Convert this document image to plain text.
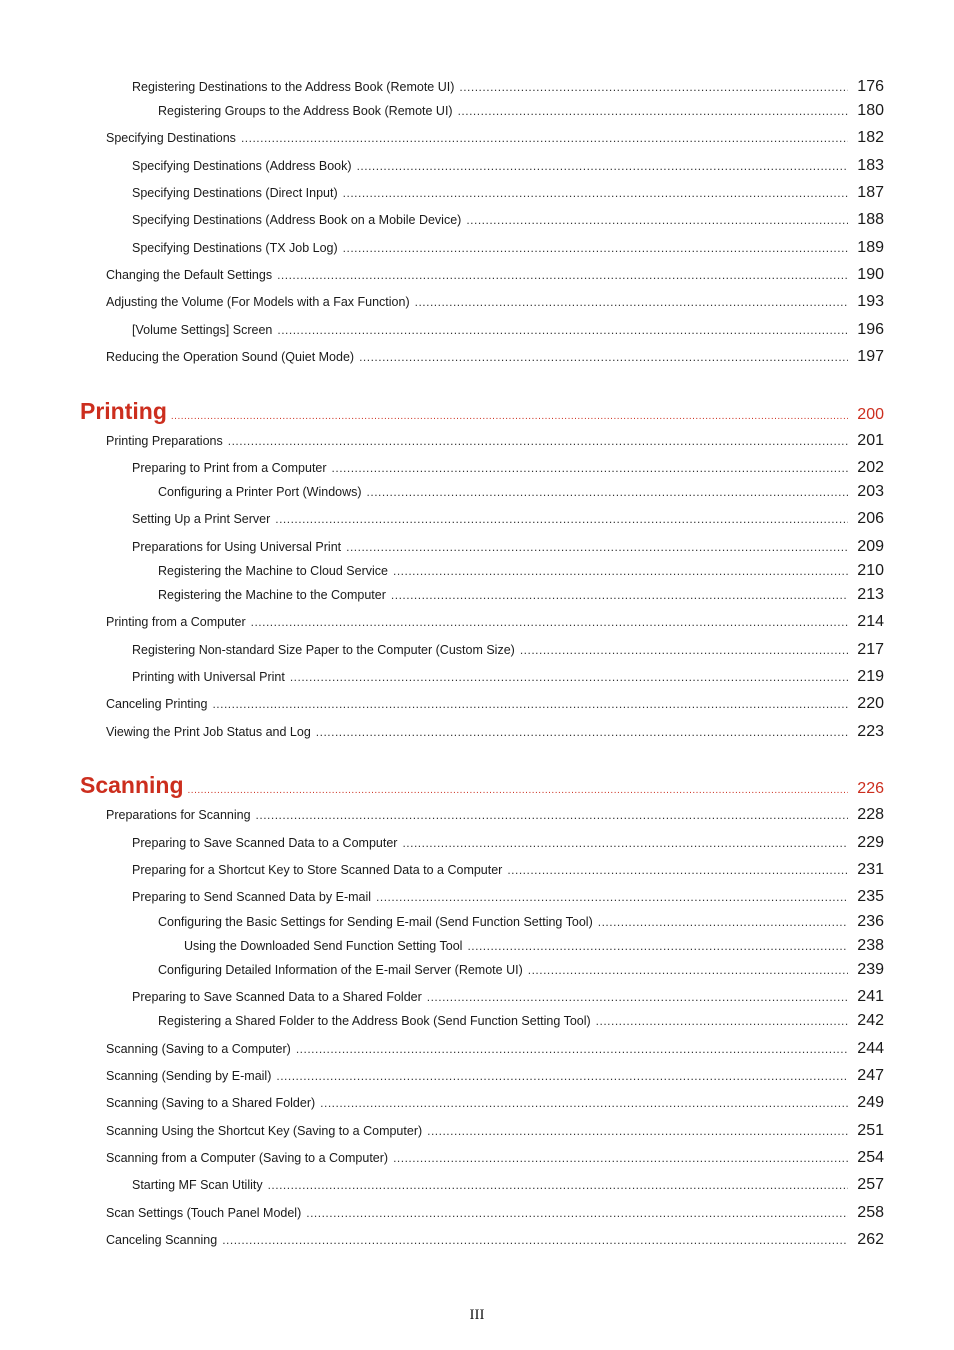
Registering Destinations to the Address Book (Remote UI) .....	176
Registering Groups to the Address Book (Remote UI) .....	180
Specifying Destinations .....	182
Specifying Destinations (Address Book) .....	183
Specifying Destinations (Direct Input) .....	187
Specifying Destinations (Address Book on a Mobile Device) .....	188
Specifying Destinations (TX Job Log) .....	189
Changing the Default Settings .....	190
Adjusting the Volume (For Models with a Fax Function) .....	193
[Volume Settings] Screen .....	196
Reducing the Operation Sound (Quiet Mode) .....	197
Printing .....	200
Printing Preparations .....	201
Preparing to Print from a Computer .....	202
Configuring a Printer Port (Windows) .....	203
Setting Up a Print Server .....	206
Preparations for Using Universal Print .....	209
Registering the Machine to Cloud Service .....	210
Registering the Machine to the Computer .....	213
Printing from a Computer .....	214
Registering Non-standard Size Paper to the Computer (Custom Size) .....	217
Printing with Universal Print .....	219
Canceling Printing .....	220
Viewing the Print Job Status and Log .....	223
Scanning .....	226
Preparations for Scanning .....	228
Preparing to Save Scanned Data to a Computer .....	229
Preparing for a Shortcut Key to Store Scanned Data to a Computer .....	231
Preparing to Send Scanned Data by E-mail .....	235
Configuring the Basic Settings for Sending E-mail (Send Function Setting Tool) .....	236
Using the Downloaded Send Function Setting Tool .....	238
Configuring Detailed Information of the E-mail Server (Remote UI) .....	239
Preparing to Save Scanned Data to a Shared Folder .....	241
Registering a Shared Folder to the Address Book (Send Function Setting Tool) .....	242
Scanning (Saving to a Computer) .....	244
Scanning (Sending by E-mail) .....	247
Scanning (Saving to a Shared Folder) .....	249
Scanning Using the Shortcut Key (Saving to a Computer) .....	251
Scanning from a Computer (Saving to a Computer) .....	254
Starting MF Scan Utility .....	257
Scan Settings (Touch Panel Model) .....	258
Canceling Scanning .....	262
III
